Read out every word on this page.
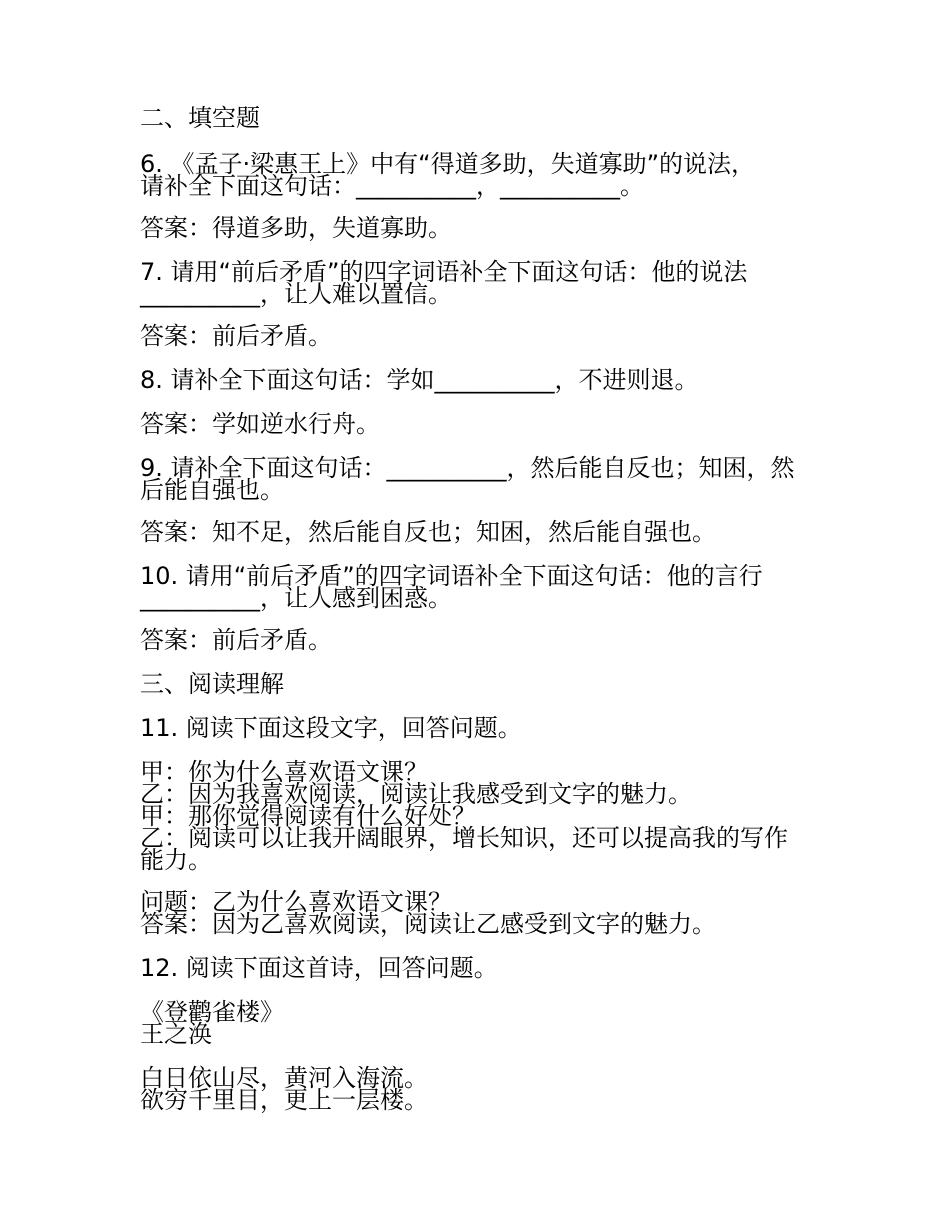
二、填空题

6. 《孟子·梁惠王上》中有“得道多助，失道寡助”的说法，

请补全下面这句话：__________，__________。

答案：得道多助，失道寡助。

7. 请用“前后矛盾”的四字词语补全下面这句话：他的说法

__________，让人难以置信。

答案：前后矛盾。

8. 请补全下面这句话：学如__________，不进则退。

答案：学如逆水行舟。

9. 请补全下面这句话：__________，然后能自反也；知困，然

后能自强也。

答案：知不足，然后能自反也；知困，然后能自强也。

10. 请用“前后矛盾”的四字词语补全下面这句话：他的言行

__________，让人感到困惑。

答案：前后矛盾。

三、阅读理解

11. 阅读下面这段文字，回答问题。

甲：你为什么喜欢语文课？

乙：因为我喜欢阅读，阅读让我感受到文字的魅力。

甲：那你觉得阅读有什么好处？

乙：阅读可以让我开阔眼界，增长知识，还可以提高我的写作

能力。

问题：乙为什么喜欢语文课？

答案：因为乙喜欢阅读，阅读让乙感受到文字的魅力。

12. 阅读下面这首诗，回答问题。

《登鹳雀楼》

王之涣

白日依山尽，黄河入海流。

欲穷千里目，更上一层楼。
